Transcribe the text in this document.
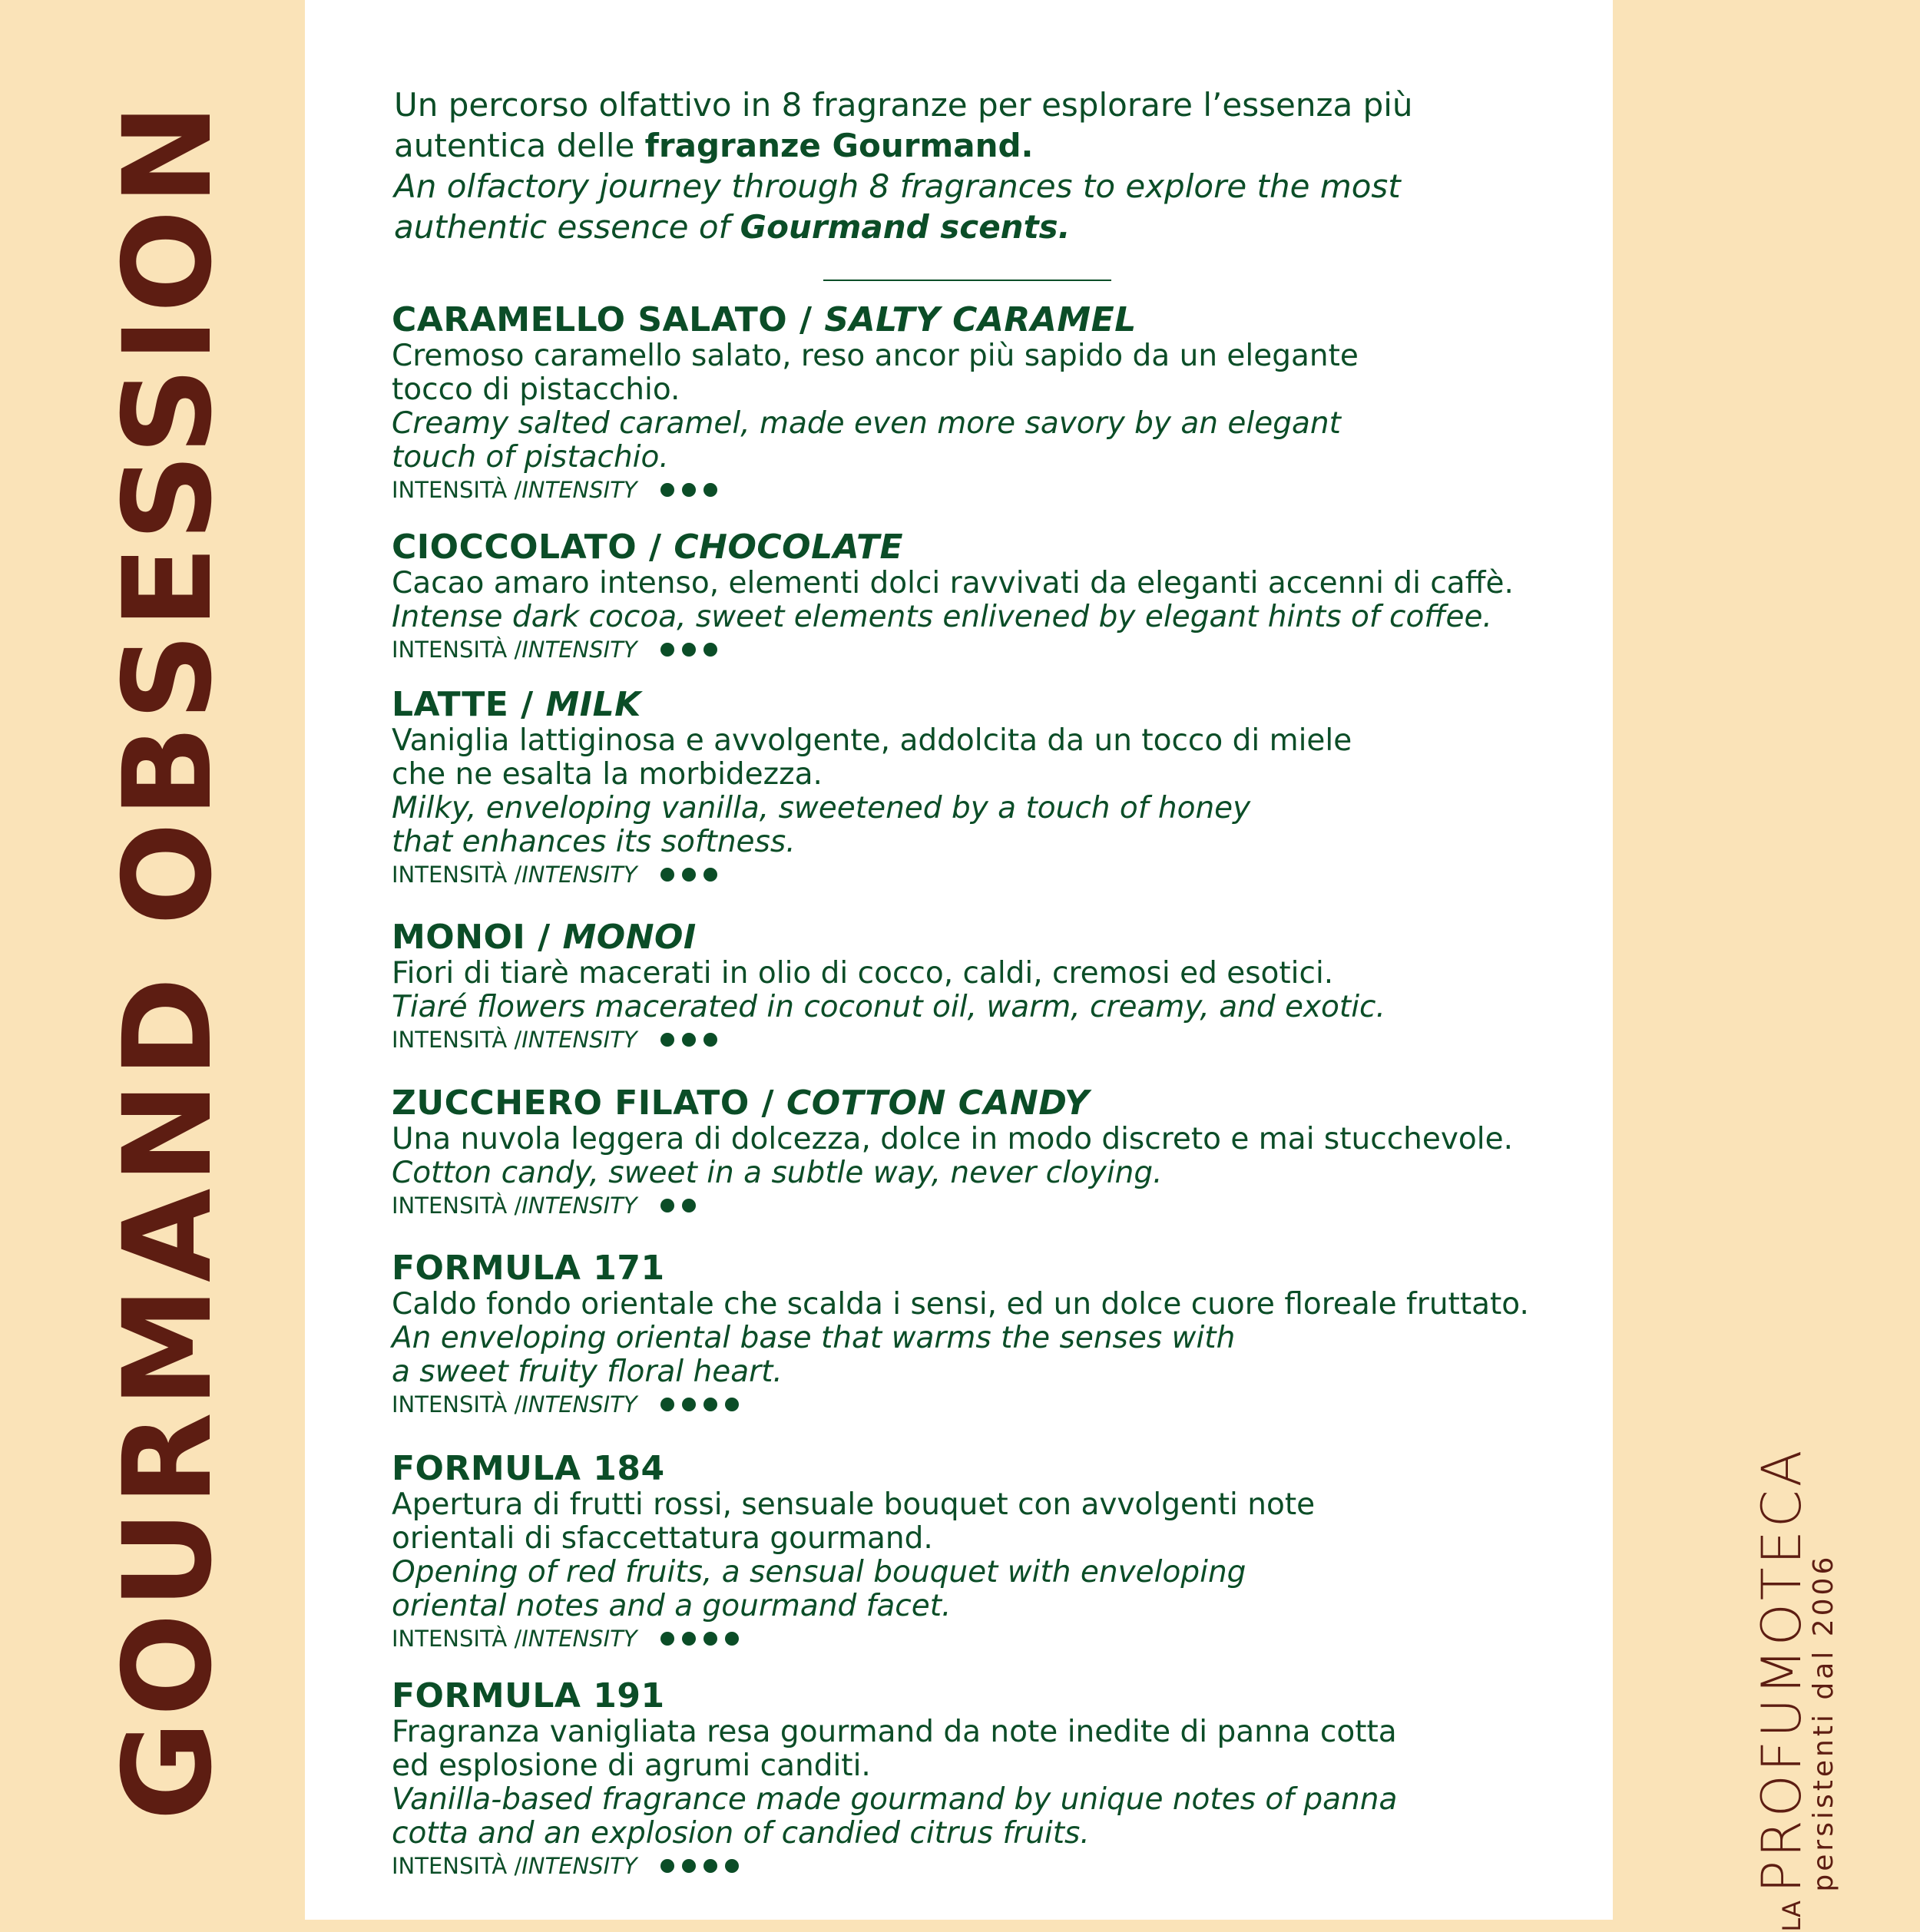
GOURMAND OBSESSION	Un percorso olfattivo in 8 fragranze per esplorare l’essenza più
autentica delle fragranze Gourmand.
An olfactory journey through 8 fragrances to explore the most
authentic essence of Gourmand scents.
CARAMELLO SALATO / SALTY CARAMEL
Cremoso caramello salato, reso ancor più sapido da un elegante
tocco di pistacchio.
Creamy salted caramel, made even more savory by an elegant
touch of pistachio.
INTENSITÀ / INTENSITY
CIOCCOLATO / CHOCOLATE
Cacao amaro intenso, elementi dolci ravvivati da eleganti accenni di caffè.
Intense dark cocoa, sweet elements enlivened by elegant hints of coffee.
INTENSITÀ / INTENSITY
LATTE / MILK
Vaniglia lattiginosa e avvolgente, addolcita da un tocco di miele
che ne esalta la morbidezza.
Milky, enveloping vanilla, sweetened by a touch of honey
that enhances its softness.
INTENSITÀ / INTENSITY
MONOI / MONOI
Fiori di tiarè macerati in olio di cocco, caldi, cremosi ed esotici.
Tiaré flowers macerated in coconut oil, warm, creamy, and exotic.
INTENSITÀ / INTENSITY
ZUCCHERO FILATO / COTTON CANDY
Una nuvola leggera di dolcezza, dolce in modo discreto e mai stucchevole.
Cotton candy, sweet in a subtle way, never cloying.
INTENSITÀ / INTENSITY
FORMULA 171
Caldo fondo orientale che scalda i sensi, ed un dolce cuore floreale fruttato.
An enveloping oriental base that warms the senses with
a sweet fruity floral heart.
INTENSITÀ / INTENSITY
FORMULA 184
Apertura di frutti rossi, sensuale bouquet con avvolgenti note
orientali di sfaccettatura gourmand.
Opening of red fruits, a sensual bouquet with enveloping
oriental notes and a gourmand facet.
INTENSITÀ / INTENSITY
FORMULA 191
Fragranza vanigliata resa gourmand da note inedite di panna cotta
ed esplosione di agrumi canditi.
Vanilla-based fragrance made gourmand by unique notes of panna
cotta and an explosion of candied citrus fruits.
INTENSITÀ / INTENSITY
LA
PROFUMOTECA
persistenti dal 2006
